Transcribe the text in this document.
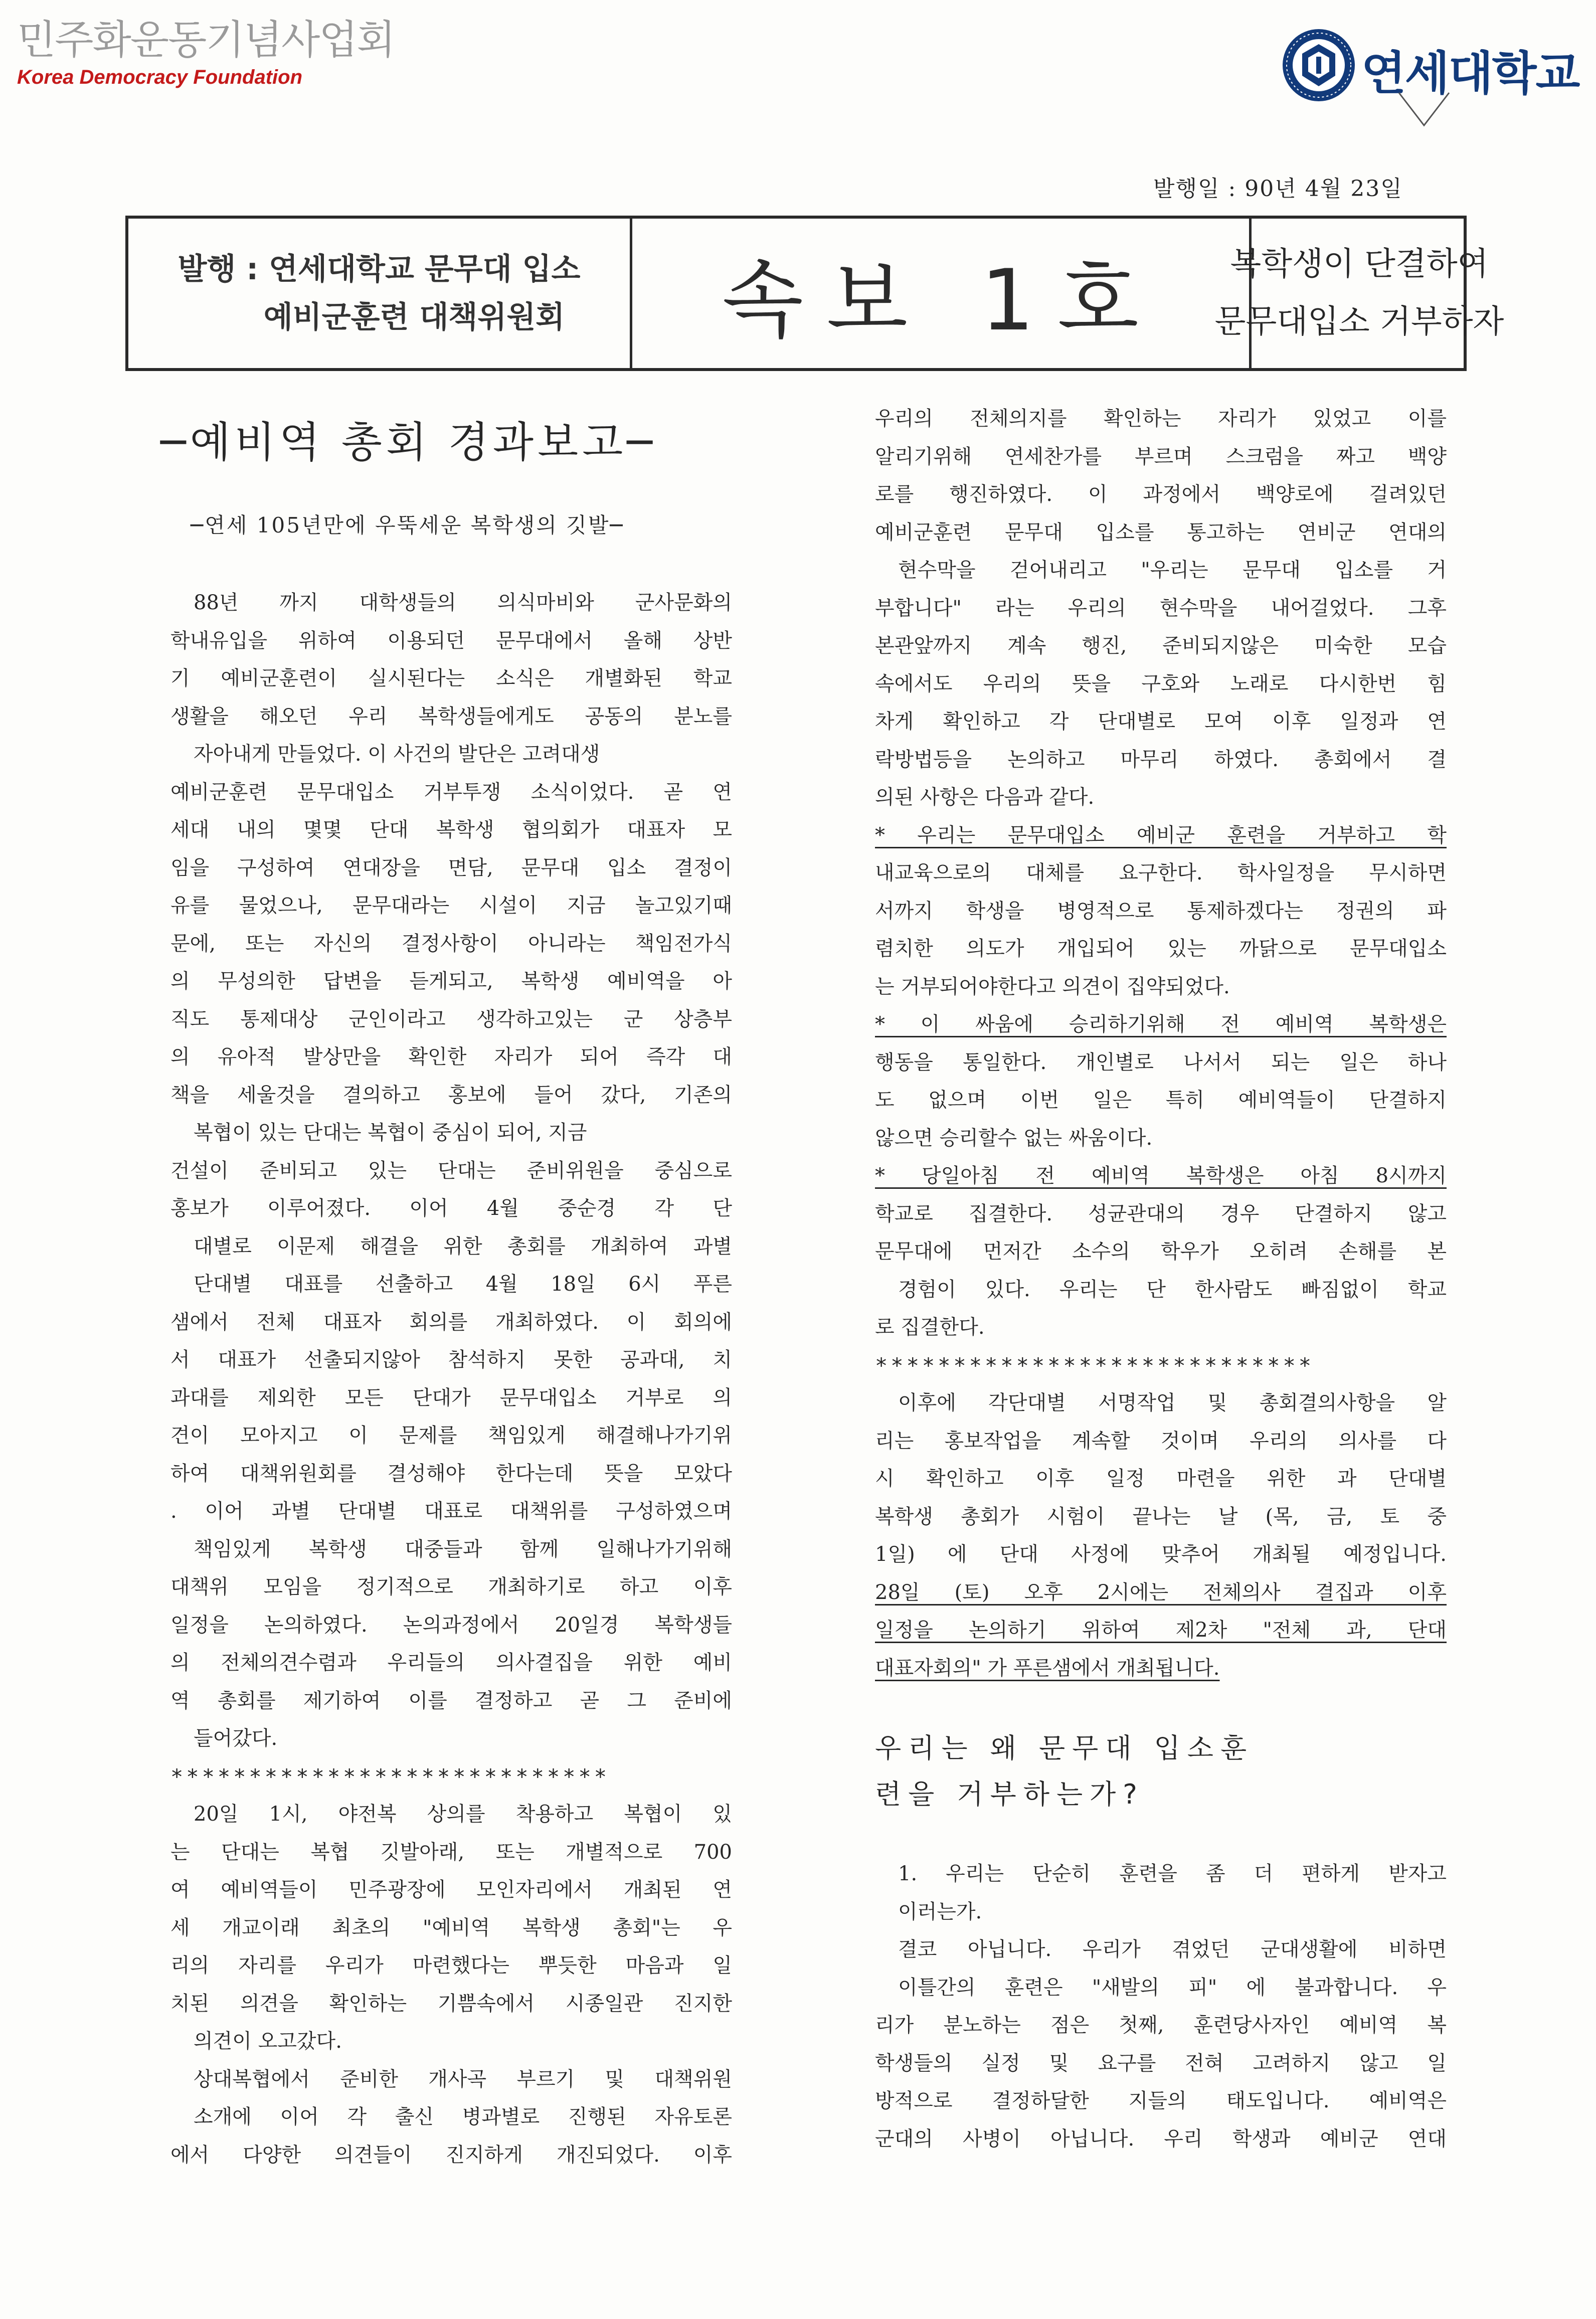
민주화운동기념사업회
Korea Democracy Foundation	연세대학교
발행일 : 90년 4월 23일
발행 : 연세대학교 문무대 입소
예비군훈련 대책위원회	속보 1호	복학생이 단결하여
문무대입소 거부하자
─예비역 총회 경과보고─
─연세 105년만에 우뚝세운 복학생의 깃발─
88년 까지 대학생들의 의식마비와 군사문화의
학내유입을 위하여 이용되던 문무대에서 올해 상반
기 예비군훈련이 실시된다는 소식은 개별화된 학교
생활을 해오던 우리 복학생들에게도 공동의 분노를
자아내게 만들었다. 이 사건의 발단은 고려대생
예비군훈련 문무대입소 거부투쟁 소식이었다. 곧 연
세대 내의 몇몇 단대 복학생 협의회가 대표자 모
임을 구성하여 연대장을 면담, 문무대 입소 결정이
유를 물었으나, 문무대라는 시설이 지금 놀고있기때
문에, 또는 자신의 결정사항이 아니라는 책임전가식
의 무성의한 답변을 듣게되고, 복학생 예비역을 아
직도 통제대상 군인이라고 생각하고있는 군 상층부
의 유아적 발상만을 확인한 자리가 되어 즉각 대
책을 세울것을 결의하고 홍보에 들어 갔다, 기존의
복협이 있는 단대는 복협이 중심이 되어, 지금
건설이 준비되고 있는 단대는 준비위원을 중심으로
홍보가 이루어졌다. 이어 4월 중순경 각 단
대별로 이문제 해결을 위한 총회를 개최하여 과별
단대별 대표를 선출하고 4월 18일 6시 푸른
샘에서 전체 대표자 회의를 개최하였다. 이 회의에
서 대표가 선출되지않아 참석하지 못한 공과대, 치
과대를 제외한 모든 단대가 문무대입소 거부로 의
견이 모아지고 이 문제를 책임있게 해결해나가기위
하여 대책위원회를 결성해야 한다는데 뜻을 모았다
. 이어 과별 단대별 대표로 대책위를 구성하였으며
책임있게 복학생 대중들과 함께 일해나가기위해
대책위 모임을 정기적으로 개최하기로 하고 이후
일정을 논의하였다. 논의과정에서 20일경 복학생들
의 전체의견수렴과 우리들의 의사결집을 위한 예비
역 총회를 제기하여 이를 결정하고 곧 그 준비에
들어갔다.
****************************
20일 1시, 야전복 상의를 착용하고 복협이 있
는 단대는 복협 깃발아래, 또는 개별적으로 700
여 예비역들이 민주광장에 모인자리에서 개최된 연
세 개교이래 최초의 "예비역 복학생 총회"는 우
리의 자리를 우리가 마련했다는 뿌듯한 마음과 일
치된 의견을 확인하는 기쁨속에서 시종일관 진지한
의견이 오고갔다.
상대복협에서 준비한 개사곡 부르기 및 대책위원
소개에 이어 각 출신 병과별로 진행된 자유토론
에서 다양한 의견들이 진지하게 개진되었다. 이후
우리의 전체의지를 확인하는 자리가 있었고 이를
알리기위해 연세찬가를 부르며 스크럼을 짜고 백양
로를 행진하였다. 이 과정에서 백양로에 걸려있던
예비군훈련 문무대 입소를 통고하는 연비군 연대의
현수막을 걷어내리고 "우리는 문무대 입소를 거
부합니다" 라는 우리의 현수막을 내어걸었다. 그후
본관앞까지 계속 행진, 준비되지않은 미숙한 모습
속에서도 우리의 뜻을 구호와 노래로 다시한번 힘
차게 확인하고 각 단대별로 모여 이후 일정과 연
락방법등을 논의하고 마무리 하였다. 총회에서 결
의된 사항은 다음과 같다.
* 우리는 문무대입소 예비군 훈련을 거부하고 학
내교육으로의 대체를 요구한다. 학사일정을 무시하면
서까지 학생을 병영적으로 통제하겠다는 정권의 파
렴치한 의도가 개입되어 있는 까닭으로 문무대입소
는 거부되어야한다고 의견이 집약되었다.
* 이 싸움에 승리하기위해 전 예비역 복학생은
행동을 통일한다. 개인별로 나서서 되는 일은 하나
도 없으며 이번 일은 특히 예비역들이 단결하지
않으면 승리할수 없는 싸움이다.
* 당일아침 전 예비역 복학생은 아침 8시까지
학교로 집결한다. 성균관대의 경우 단결하지 않고
문무대에 먼저간 소수의 학우가 오히려 손해를 본
경험이 있다. 우리는 단 한사람도 빠짐없이 학교
로 집결한다.
****************************
이후에 각단대별 서명작업 및 총회결의사항을 알
리는 홍보작업을 계속할 것이며 우리의 의사를 다
시 확인하고 이후 일정 마련을 위한 과 단대별
복학생 총회가 시험이 끝나는 날 (목, 금, 토 중
1일) 에 단대 사정에 맞추어 개최될 예정입니다.
28일 (토) 오후 2시에는 전체의사 결집과 이후
일정을 논의하기 위하여 제2차 "전체 과, 단대
대표자회의" 가 푸른샘에서 개최됩니다.
우리는 왜 문무대 입소훈
련을 거부하는가?
1. 우리는 단순히 훈련을 좀 더 편하게 받자고
이러는가.
결코 아닙니다. 우리가 겪었던 군대생활에 비하면
이틀간의 훈련은 "새발의 피" 에 불과합니다. 우
리가 분노하는 점은 첫째, 훈련당사자인 예비역 복
학생들의 실정 및 요구를 전혀 고려하지 않고 일
방적으로 결정하달한 지들의 태도입니다. 예비역은
군대의 사병이 아닙니다. 우리 학생과 예비군 연대
